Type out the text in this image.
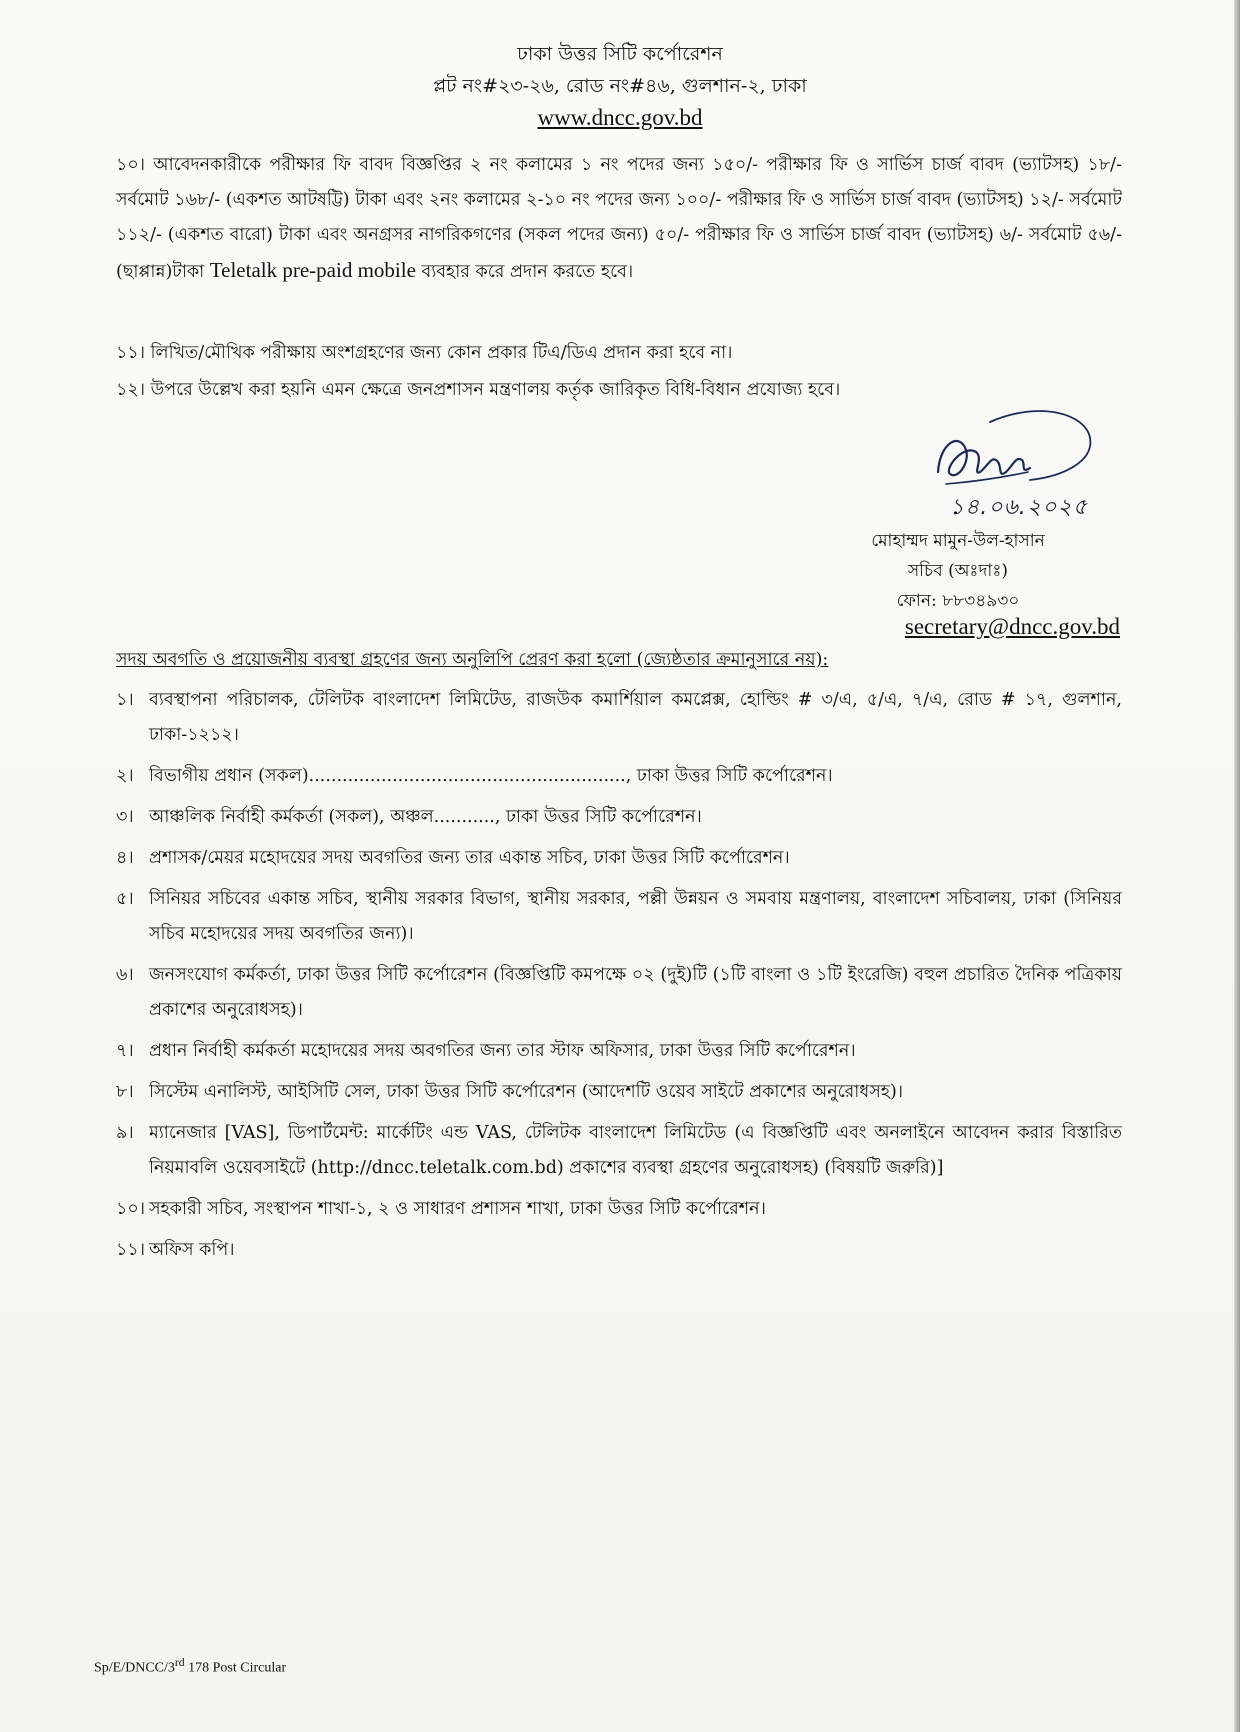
ঢাকা উত্তর সিটি কর্পোরেশন
প্লট নং#২৩-২৬, রোড নং#৪৬, গুলশান-২, ঢাকা
www.dncc.gov.bd
১০। আবেদনকারীকে পরীক্ষার ফি বাবদ বিজ্ঞপ্তির ২ নং কলামের ১ নং পদের জন্য ১৫০/- পরীক্ষার ফি ও সার্ভিস চার্জ বাবদ (ভ্যাটসহ) ১৮/- সর্বমোট ১৬৮/- (একশত আটষট্টি) টাকা এবং ২নং কলামের ২-১০ নং পদের জন্য ১০০/- পরীক্ষার ফি ও সার্ভিস চার্জ বাবদ (ভ্যাটসহ) ১২/- সর্বমোট ১১২/- (একশত বারো) টাকা এবং অনগ্রসর নাগরিকগণের (সকল পদের জন্য) ৫০/- পরীক্ষার ফি ও সার্ভিস চার্জ বাবদ (ভ্যাটসহ) ৬/- সর্বমোট ৫৬/- (ছাপ্পান্ন)টাকা Teletalk pre-paid mobile ব্যবহার করে প্রদান করতে হবে।
১১। লিখিত/মৌখিক পরীক্ষায় অংশগ্রহণের জন্য কোন প্রকার টিএ/ডিএ প্রদান করা হবে না।
১২। উপরে উল্লেখ করা হয়নি এমন ক্ষেত্রে জনপ্রশাসন মন্ত্রণালয় কর্তৃক জারিকৃত বিধি-বিধান প্রযোজ্য হবে।
১৪.০৬.২০২৫
মোহাম্মদ মামুন-উল-হাসান
সচিব (অঃদাঃ)
ফোন: ৮৮৩৪৯৩০
secretary@dncc.gov.bd
সদয় অবগতি ও প্রয়োজনীয় ব্যবস্থা গ্রহণের জন্য অনুলিপি প্রেরণ করা হলো (জ্যেষ্ঠতার ক্রমানুসারে নয়):
১। ব্যবস্থাপনা পরিচালক, টেলিটক বাংলাদেশ লিমিটেড, রাজউক কমার্শিয়াল কমপ্লেক্স, হোল্ডিং # ৩/এ, ৫/এ, ৭/এ, রোড # ১৭, গুলশান, ঢাকা-১২১২।
২। বিভাগীয় প্রধান (সকল)........................................................., ঢাকা উত্তর সিটি কর্পোরেশন।
৩। আঞ্চলিক নির্বাহী কর্মকর্তা (সকল), অঞ্চল..........., ঢাকা উত্তর সিটি কর্পোরেশন।
৪। প্রশাসক/মেয়র মহোদয়ের সদয় অবগতির জন্য তার একান্ত সচিব, ঢাকা উত্তর সিটি কর্পোরেশন।
৫। সিনিয়র সচিবের একান্ত সচিব, স্থানীয় সরকার বিভাগ, স্থানীয় সরকার, পল্লী উন্নয়ন ও সমবায় মন্ত্রণালয়, বাংলাদেশ সচিবালয়, ঢাকা (সিনিয়র সচিব মহোদয়ের সদয় অবগতির জন্য)।
৬। জনসংযোগ কর্মকর্তা, ঢাকা উত্তর সিটি কর্পোরেশন (বিজ্ঞপ্তিটি কমপক্ষে ০২ (দুই)টি (১টি বাংলা ও ১টি ইংরেজি) বহুল প্রচারিত দৈনিক পত্রিকায় প্রকাশের অনুরোধসহ)।
৭। প্রধান নির্বাহী কর্মকর্তা মহোদয়ের সদয় অবগতির জন্য তার স্টাফ অফিসার, ঢাকা উত্তর সিটি কর্পোরেশন।
৮। সিস্টেম এনালিস্ট, আইসিটি সেল, ঢাকা উত্তর সিটি কর্পোরেশন (আদেশটি ওয়েব সাইটে প্রকাশের অনুরোধসহ)।
৯। ম্যানেজার [VAS], ডিপার্টমেন্ট: মার্কেটিং এন্ড VAS, টেলিটক বাংলাদেশ লিমিটেড (এ বিজ্ঞপ্তিটি এবং অনলাইনে আবেদন করার বিস্তারিত নিয়মাবলি ওয়েবসাইটে (http://dncc.teletalk.com.bd) প্রকাশের ব্যবস্থা গ্রহণের অনুরোধসহ) (বিষয়টি জরুরি)]
১০। সহকারী সচিব, সংস্থাপন শাখা-১, ২ ও সাধারণ প্রশাসন শাখা, ঢাকা উত্তর সিটি কর্পোরেশন।
১১। অফিস কপি।
Sp/E/DNCC/3rd 178 Post Circular
